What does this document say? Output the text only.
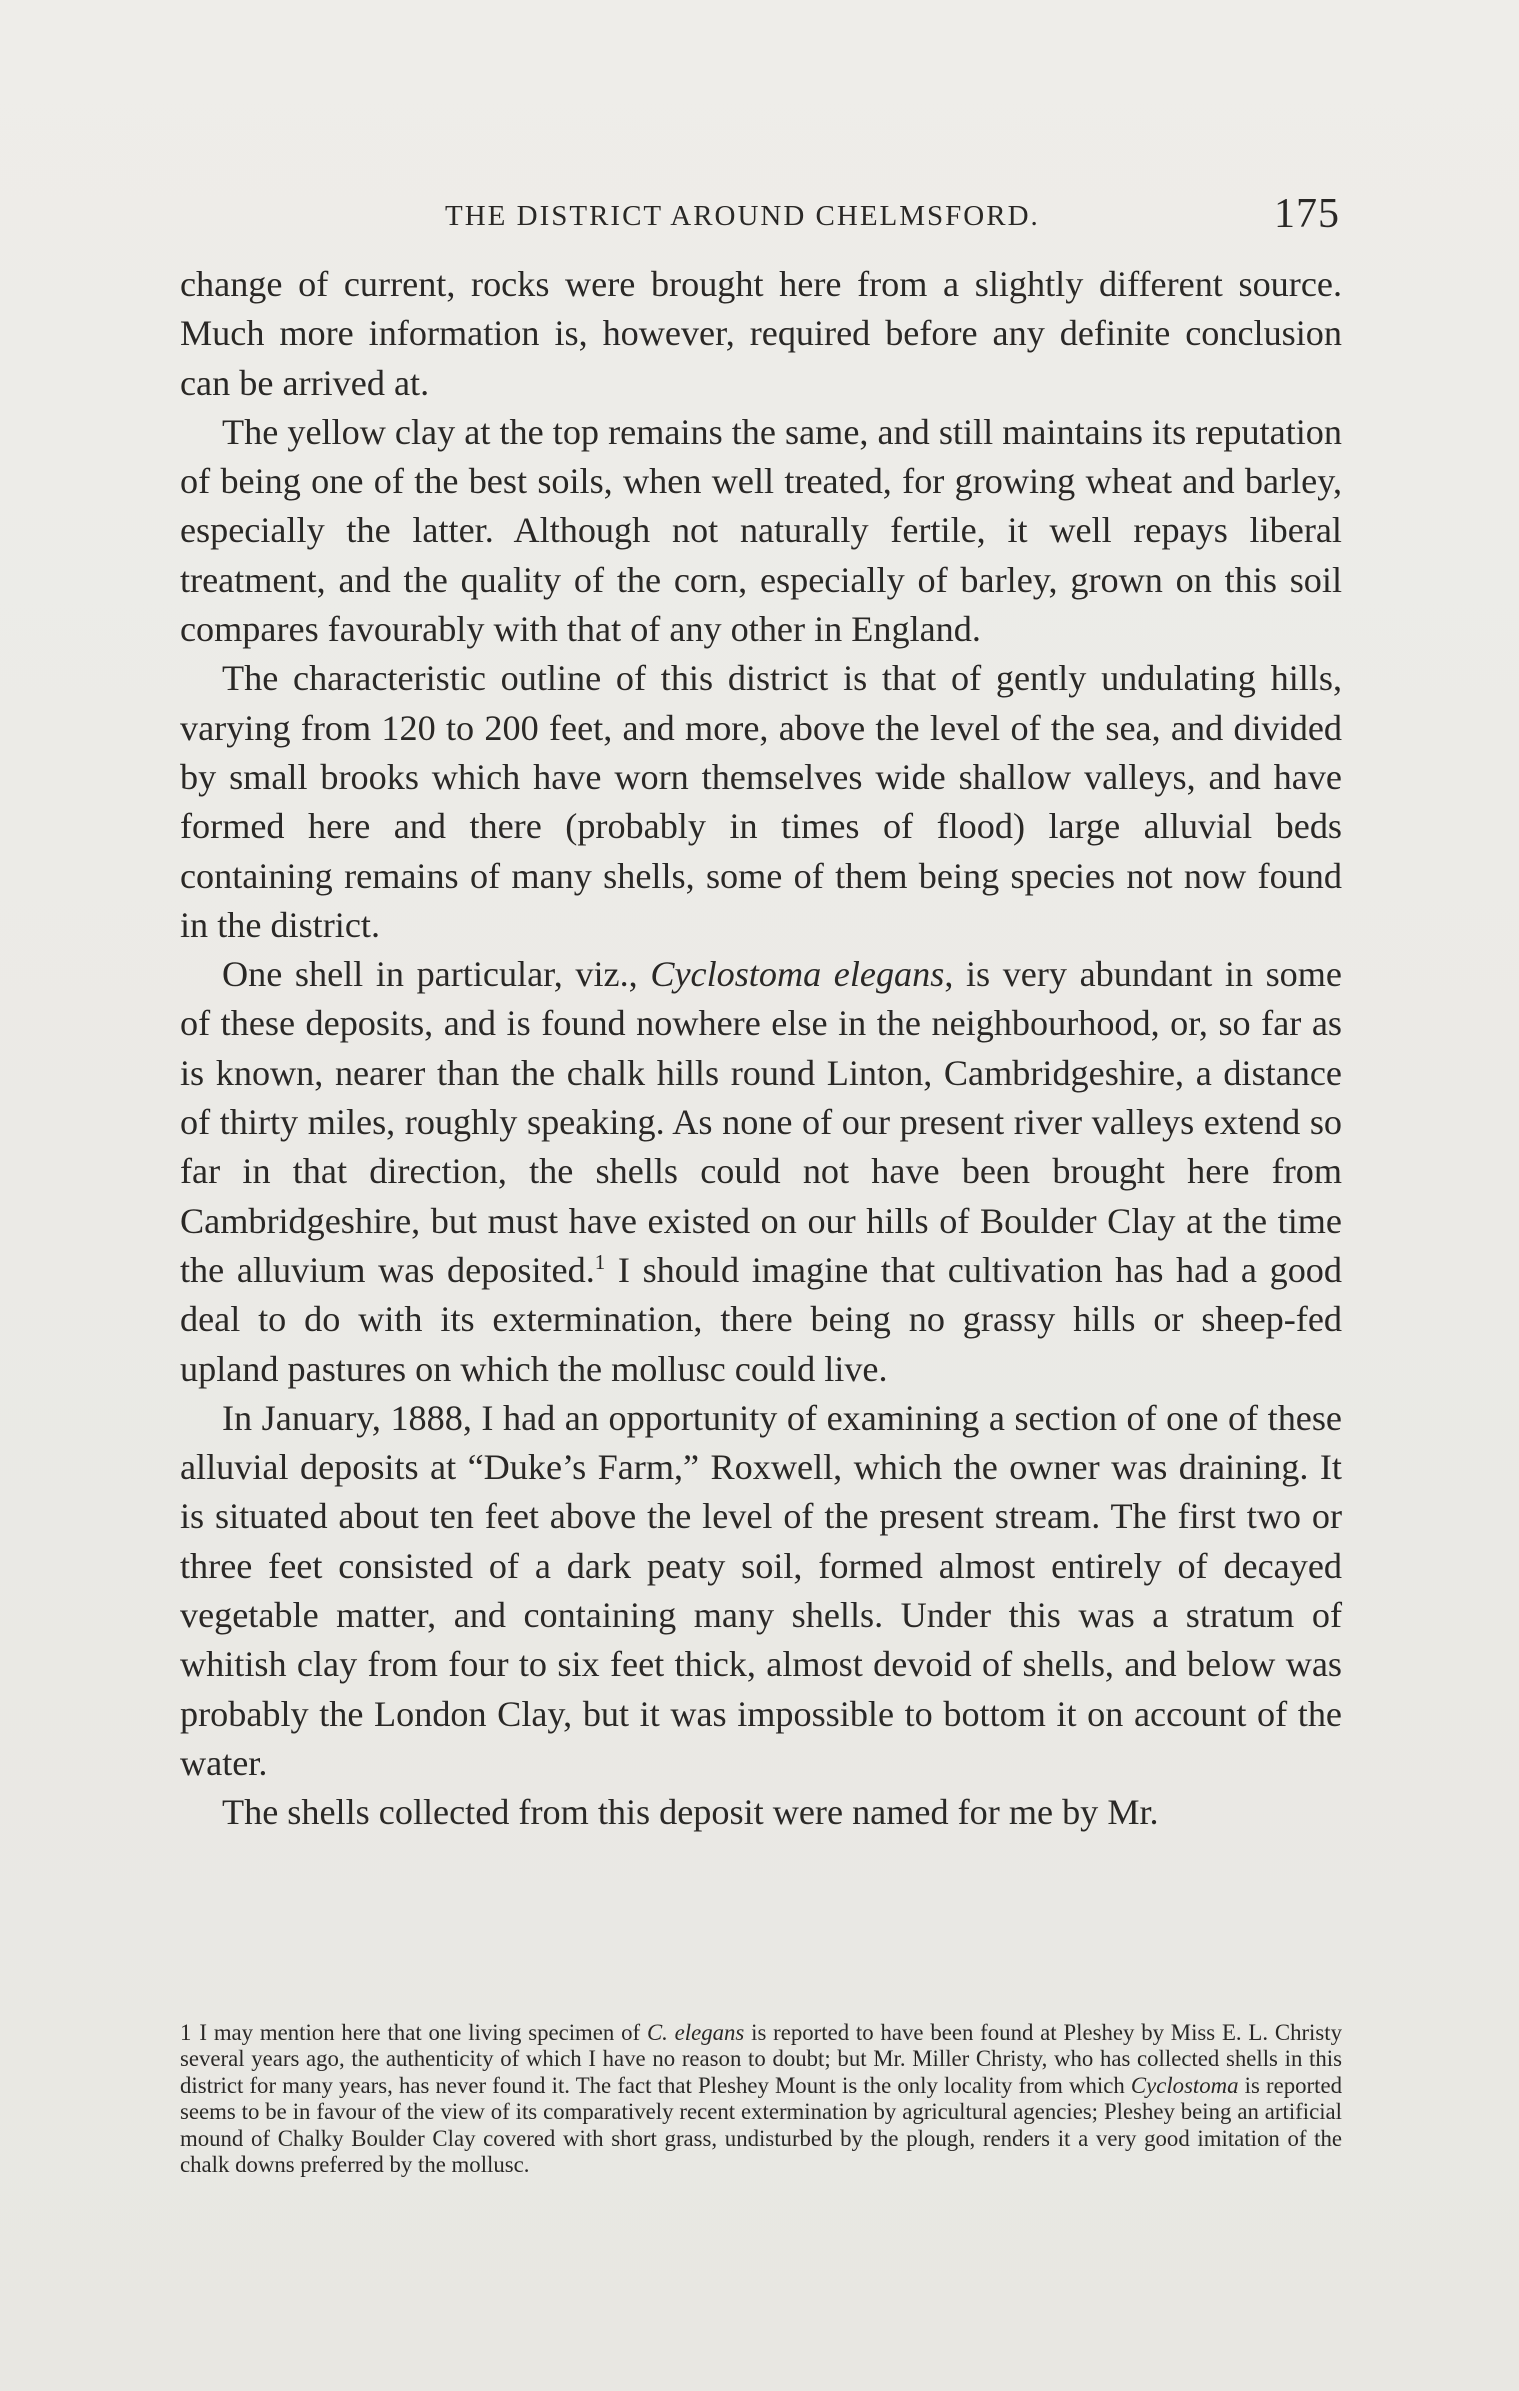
THE DISTRICT AROUND CHELMSFORD.	175

change of current, rocks were brought here from a slightly different source. Much more information is, however, required before any definite conclusion can be arrived at.

The yellow clay at the top remains the same, and still maintains its reputation of being one of the best soils, when well treated, for growing wheat and barley, especially the latter. Although not naturally fertile, it well repays liberal treatment, and the quality of the corn, especially of barley, grown on this soil compares favourably with that of any other in England.

The characteristic outline of this district is that of gently undulating hills, varying from 120 to 200 feet, and more, above the level of the sea, and divided by small brooks which have worn themselves wide shallow valleys, and have formed here and there (probably in times of flood) large alluvial beds containing remains of many shells, some of them being species not now found in the district.

One shell in particular, viz., Cyclostoma elegans, is very abundant in some of these deposits, and is found nowhere else in the neighbourhood, or, so far as is known, nearer than the chalk hills round Linton, Cambridgeshire, a distance of thirty miles, roughly speaking. As none of our present river valleys extend so far in that direction, the shells could not have been brought here from Cambridgeshire, but must have existed on our hills of Boulder Clay at the time the alluvium was deposited.$^1$ I should imagine that cultivation has had a good deal to do with its extermination, there being no grassy hills or sheep-fed upland pastures on which the mollusc could live.

In January, 1888, I had an opportunity of examining a section of one of these alluvial deposits at “Duke’s Farm,” Roxwell, which the owner was draining. It is situated about ten feet above the level of the present stream. The first two or three feet consisted of a dark peaty soil, formed almost entirely of decayed vegetable matter, and containing many shells. Under this was a stratum of whitish clay from four to six feet thick, almost devoid of shells, and below was probably the London Clay, but it was impossible to bottom it on account of the water.

The shells collected from this deposit were named for me by Mr.

1 I may mention here that one living specimen of C. elegans is reported to have been found at Pleshey by Miss E. L. Christy several years ago, the authenticity of which I have no reason to doubt; but Mr. Miller Christy, who has collected shells in this district for many years, has never found it. The fact that Pleshey Mount is the only locality from which Cyclostoma is reported seems to be in favour of the view of its comparatively recent extermination by agricultural agencies; Pleshey being an artificial mound of Chalky Boulder Clay covered with short grass, undisturbed by the plough, renders it a very good imitation of the chalk downs preferred by the mollusc.
